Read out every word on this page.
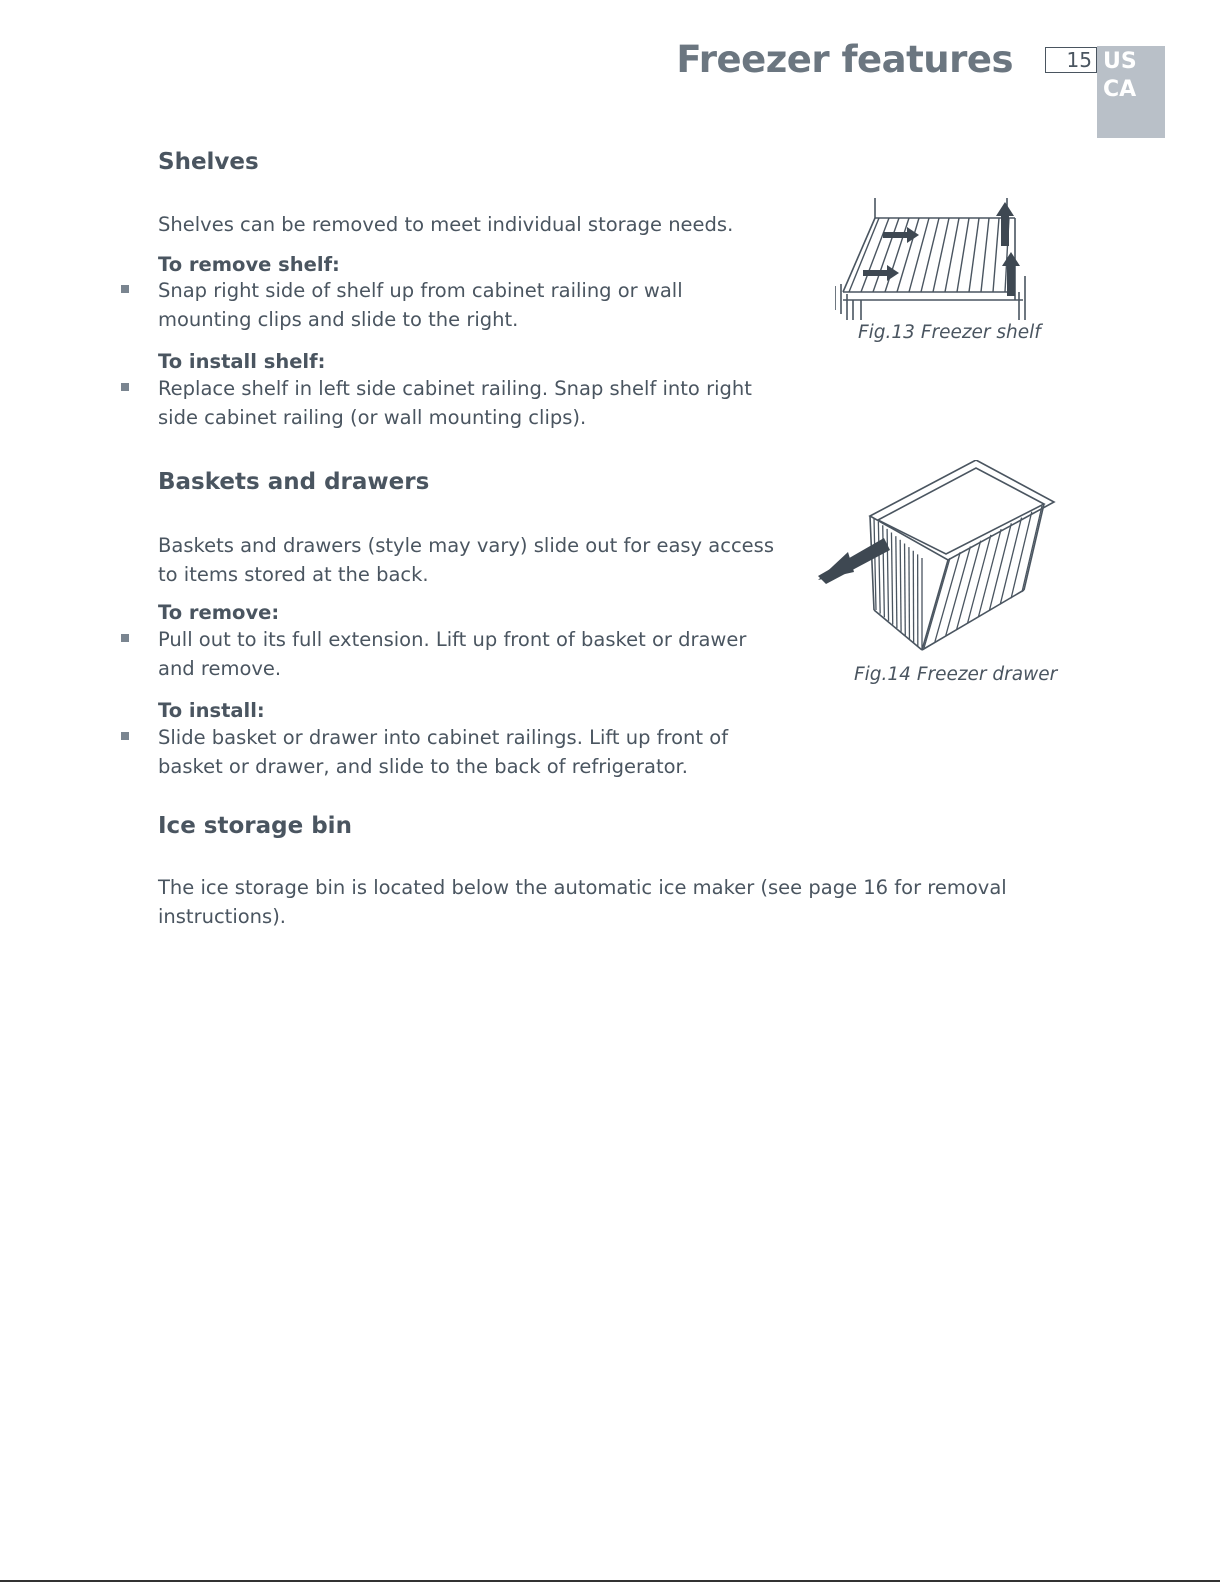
Freezer features	15 US
CA
Shelves
Shelves can be removed to meet individual storage needs.
To remove shelf:
Snap right side of shelf up from cabinet railing or wall mounting clips and slide to the right.
To install shelf:
Replace shelf in left side cabinet railing. Snap shelf into right side cabinet railing (or wall mounting clips).
Fig.13 Freezer shelf
Baskets and drawers
Baskets and drawers (style may vary) slide out for easy access to items stored at the back.
To remove:
Pull out to its full extension. Lift up front of basket or drawer and remove.
To install:
Slide basket or drawer into cabinet railings. Lift up front of basket or drawer, and slide to the back of refrigerator.
Fig.14 Freezer drawer
Ice storage bin
The ice storage bin is located below the automatic ice maker (see page 16 for removal instructions).
